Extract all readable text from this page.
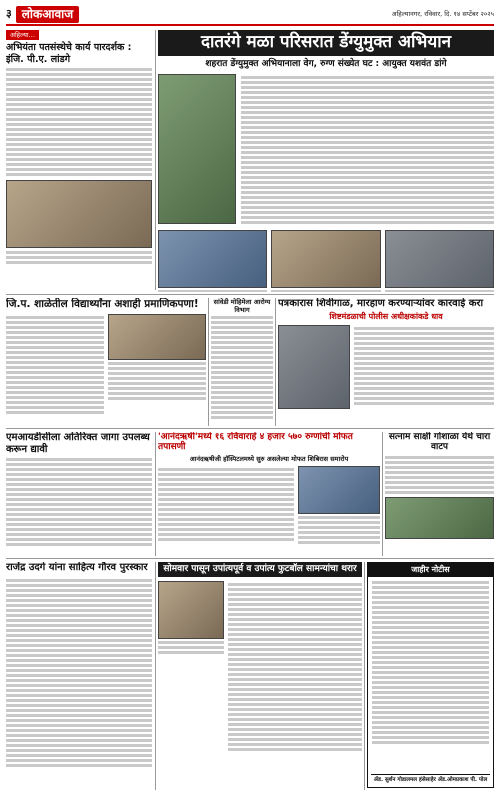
३ लोकआवाज	अहिल्यानगर, रविवार, दि. १४ सप्टेंबर २०२५
अहिल्या…
अभियंता पतसंस्थेचे कार्य पारदर्शक : इंजि. पी.ए. लांडगे
दातरंगे मळा परिसरात डेंग्युमुक्त अभियान
शहरात डेंग्युमुक्त अभियानाला वेग, रुग्ण संख्येत घट : आयुक्त यशवंत डांगे
जि.प. शाळेतील विद्यार्थ्यांना अशाही प्रमाणिकपणा!	सांवेडी मोहिमेला आरोग्य विभाग
पत्रकारास शिवीगाळ, मारहाण करण्याऱ्यांवर कारवाई करा
शिष्टमंडळाची पोलीस अधीक्षकांकडे धाव
एमआयडीसीला अतिरिक्त जागा उपलब्ध करून द्यावी
'आनंदऋषी'मध्ये १६ रविवाराहे ४ हजार ५७० रुग्णांची मोफत तपासणी
आनंदऋषीजी हॉस्पिटलमध्ये सुरु असलेल्या मोफत शिबिरास समारोप
सत्नाम साक्षी गोशाळा येथे चारा वाटप
राजेंद्र उदगे यांना साहित्य गौरव पुरस्कार	सोमवार पासून उपांत्यपूर्व व उपांत्य फुटबॉल सामन्यांचा थरार	जाहीर नोटीस
ॲड. सुर्शन गोडालमल हंसेसाहेर ॲड.ओमप्रकाश पी. पोल
